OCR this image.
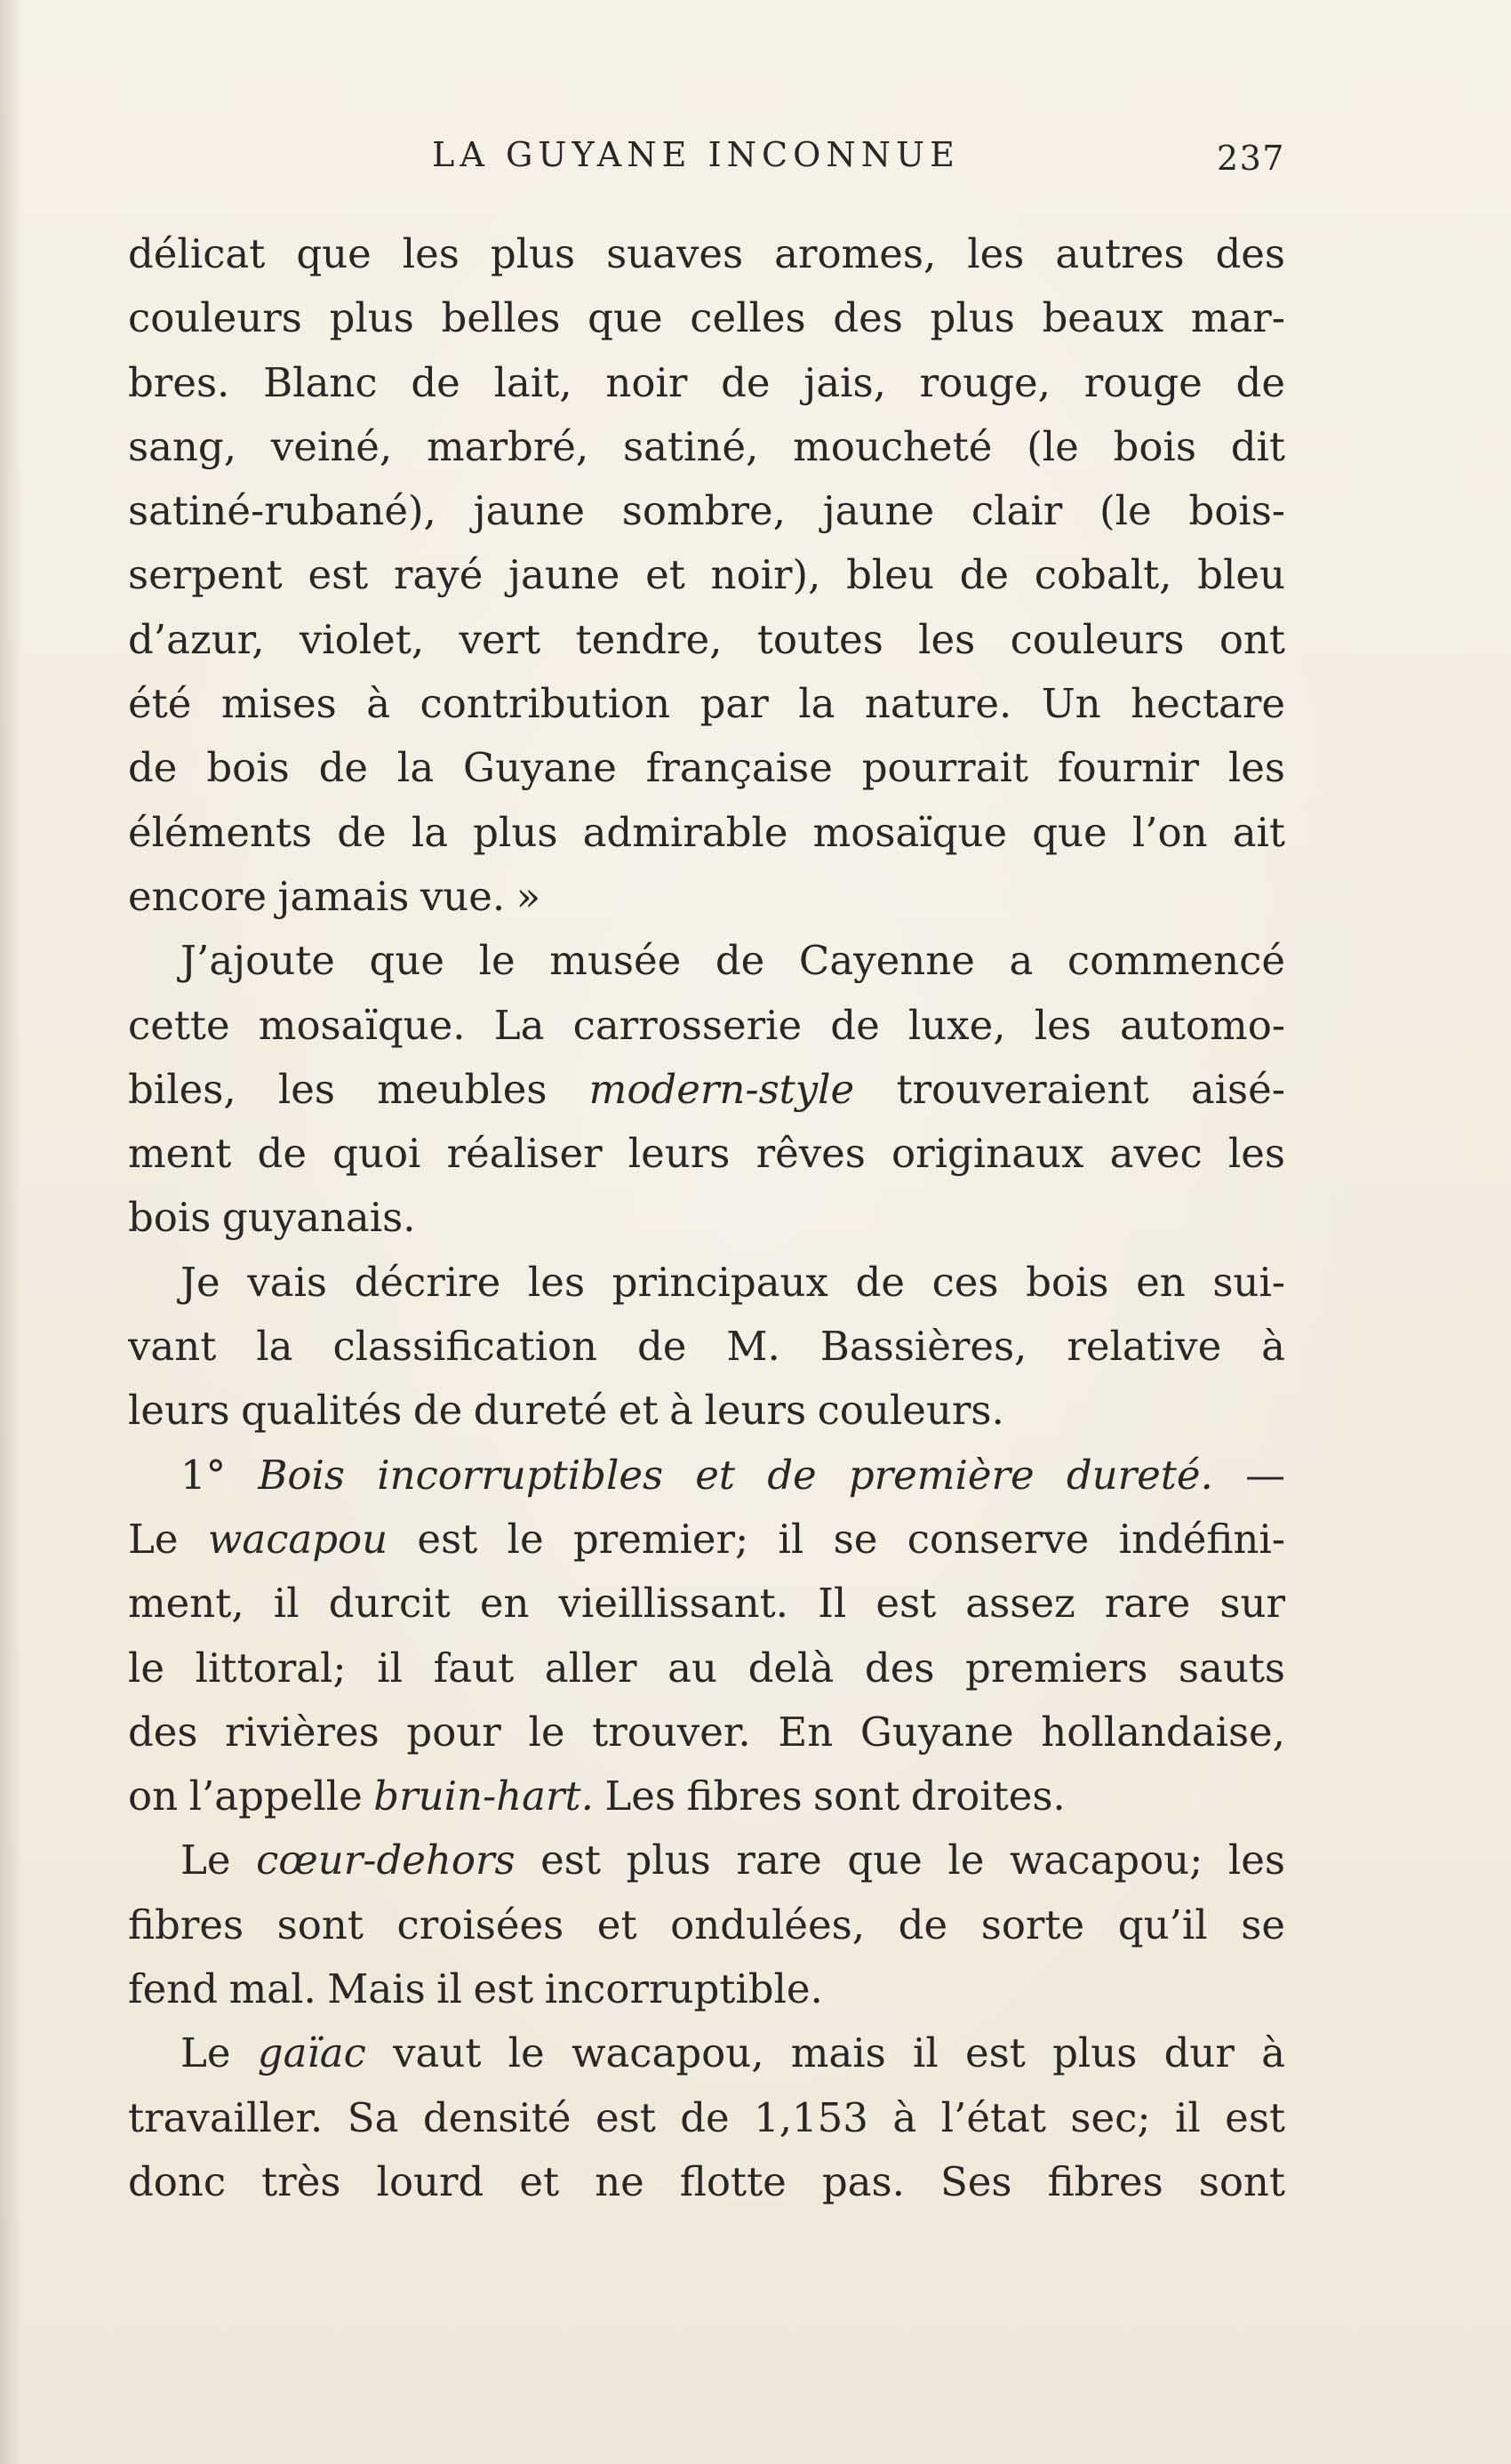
LA GUYANE INCONNUE	237
délicat que les plus suaves aromes, les autres des
couleurs plus belles que celles des plus beaux mar-
bres. Blanc de lait, noir de jais, rouge, rouge de
sang, veiné, marbré, satiné, moucheté (le bois dit
satiné-rubané), jaune sombre, jaune clair (le bois-
serpent est rayé jaune et noir), bleu de cobalt, bleu
d’azur, violet, vert tendre, toutes les couleurs ont
été mises à contribution par la nature. Un hectare
de bois de la Guyane française pourrait fournir les
éléments de la plus admirable mosaïque que l’on ait
encore jamais vue. »
J’ajoute que le musée de Cayenne a commencé
cette mosaïque. La carrosserie de luxe, les automo-
biles, les meubles modern-style trouveraient aisé-
ment de quoi réaliser leurs rêves originaux avec les
bois guyanais.
Je vais décrire les principaux de ces bois en sui-
vant la classification de M. Bassières, relative à
leurs qualités de dureté et à leurs couleurs.
1° Bois incorruptibles et de première dureté. —
Le wacapou est le premier; il se conserve indéfini-
ment, il durcit en vieillissant. Il est assez rare sur
le littoral; il faut aller au delà des premiers sauts
des rivières pour le trouver. En Guyane hollandaise,
on l’appelle bruin-hart. Les fibres sont droites.
Le cœur-dehors est plus rare que le wacapou; les
fibres sont croisées et ondulées, de sorte qu’il se
fend mal. Mais il est incorruptible.
Le gaïac vaut le wacapou, mais il est plus dur à
travailler. Sa densité est de 1,153 à l’état sec; il est
donc très lourd et ne flotte pas. Ses fibres sont
